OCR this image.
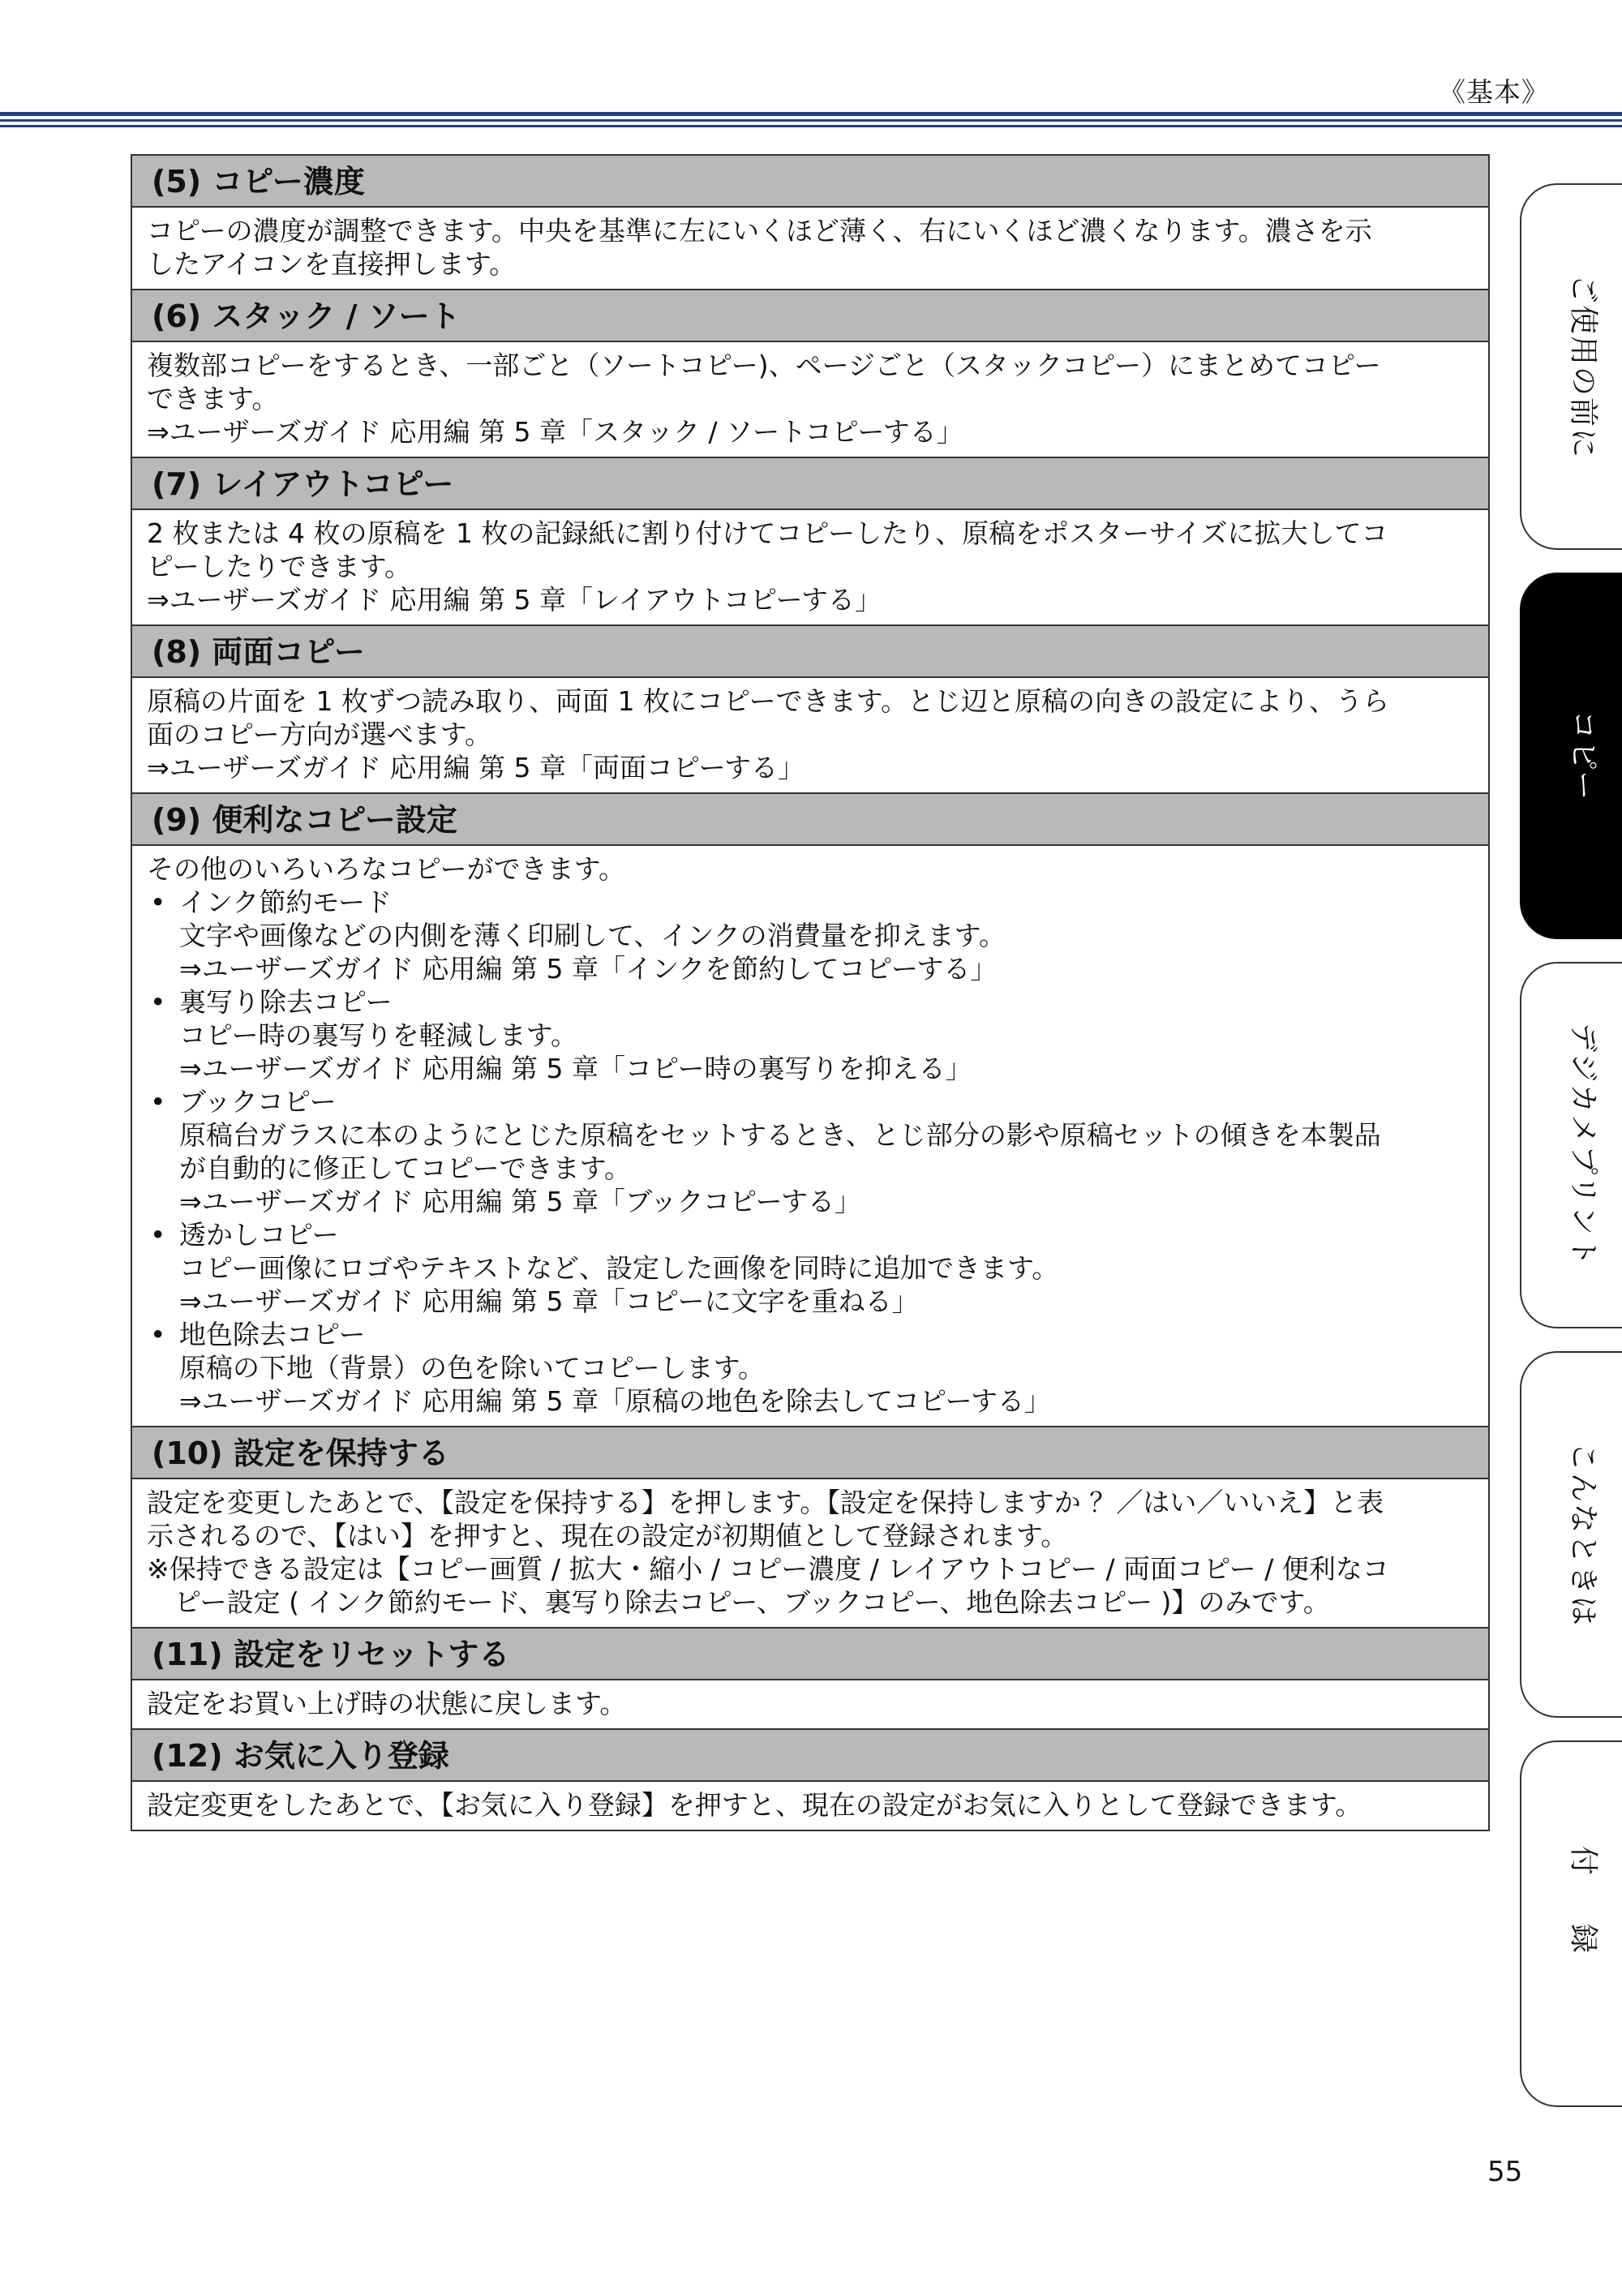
《基本》
(5) コピー濃度

コピーの濃度が調整できます。中央を基準に左にいくほど薄く、右にいくほど濃くなります。濃さを示

したアイコンを直接押します。

(6) スタック / ソート

複数部コピーをするとき、一部ごと（ソートコピー)、ページごと（スタックコピー）にまとめてコピー

できます。

⇒ユーザーズガイド 応用編 第 5 章「スタック / ソートコピーする」

(7) レイアウトコピー

2 枚または 4 枚の原稿を 1 枚の記録紙に割り付けてコピーしたり、原稿をポスターサイズに拡大してコ

ピーしたりできます。

⇒ユーザーズガイド 応用編 第 5 章「レイアウトコピーする」

(8) 両面コピー

原稿の片面を 1 枚ずつ読み取り、両面 1 枚にコピーできます。とじ辺と原稿の向きの設定により、うら

面のコピー方向が選べます。

⇒ユーザーズガイド 応用編 第 5 章「両面コピーする」

(9) 便利なコピー設定

その他のいろいろなコピーができます。

• インク節約モード
文字や画像などの内側を薄く印刷して、インクの消費量を抑えます。
⇒ユーザーズガイド 応用編 第 5 章「インクを節約してコピーする」
• 裏写り除去コピー
コピー時の裏写りを軽減します。
⇒ユーザーズガイド 応用編 第 5 章「コピー時の裏写りを抑える」
• ブックコピー
原稿台ガラスに本のようにとじた原稿をセットするとき、とじ部分の影や原稿セットの傾きを本製品
が自動的に修正してコピーできます。
⇒ユーザーズガイド 応用編 第 5 章「ブックコピーする」
• 透かしコピー
コピー画像にロゴやテキストなど、設定した画像を同時に追加できます。
⇒ユーザーズガイド 応用編 第 5 章「コピーに文字を重ねる」
• 地色除去コピー
原稿の下地（背景）の色を除いてコピーします。
⇒ユーザーズガイド 応用編 第 5 章「原稿の地色を除去してコピーする」
(10) 設定を保持する

設定を変更したあとで、【設定を保持する】を押します。【設定を保持しますか ？／はい／いいえ】と表

示されるので、【はい】を押すと、現在の設定が初期値として登録されます。

※保持できる設定は【コピー画質 / 拡大・縮小 / コピー濃度 / レイアウトコピー / 両面コピー / 便利なコ

ピー設定 ( インク節約モード、裏写り除去コピー、ブックコピー、地色除去コピー )】のみです。

(11) 設定をリセットする

設定をお買い上げ時の状態に戻します。

(12) お気に入り登録

設定変更をしたあとで、【お気に入り登録】を押すと、現在の設定がお気に入りとして登録できます。

ご使用の前に
コピー
デジカメプリント
こんなときは
付録
55
